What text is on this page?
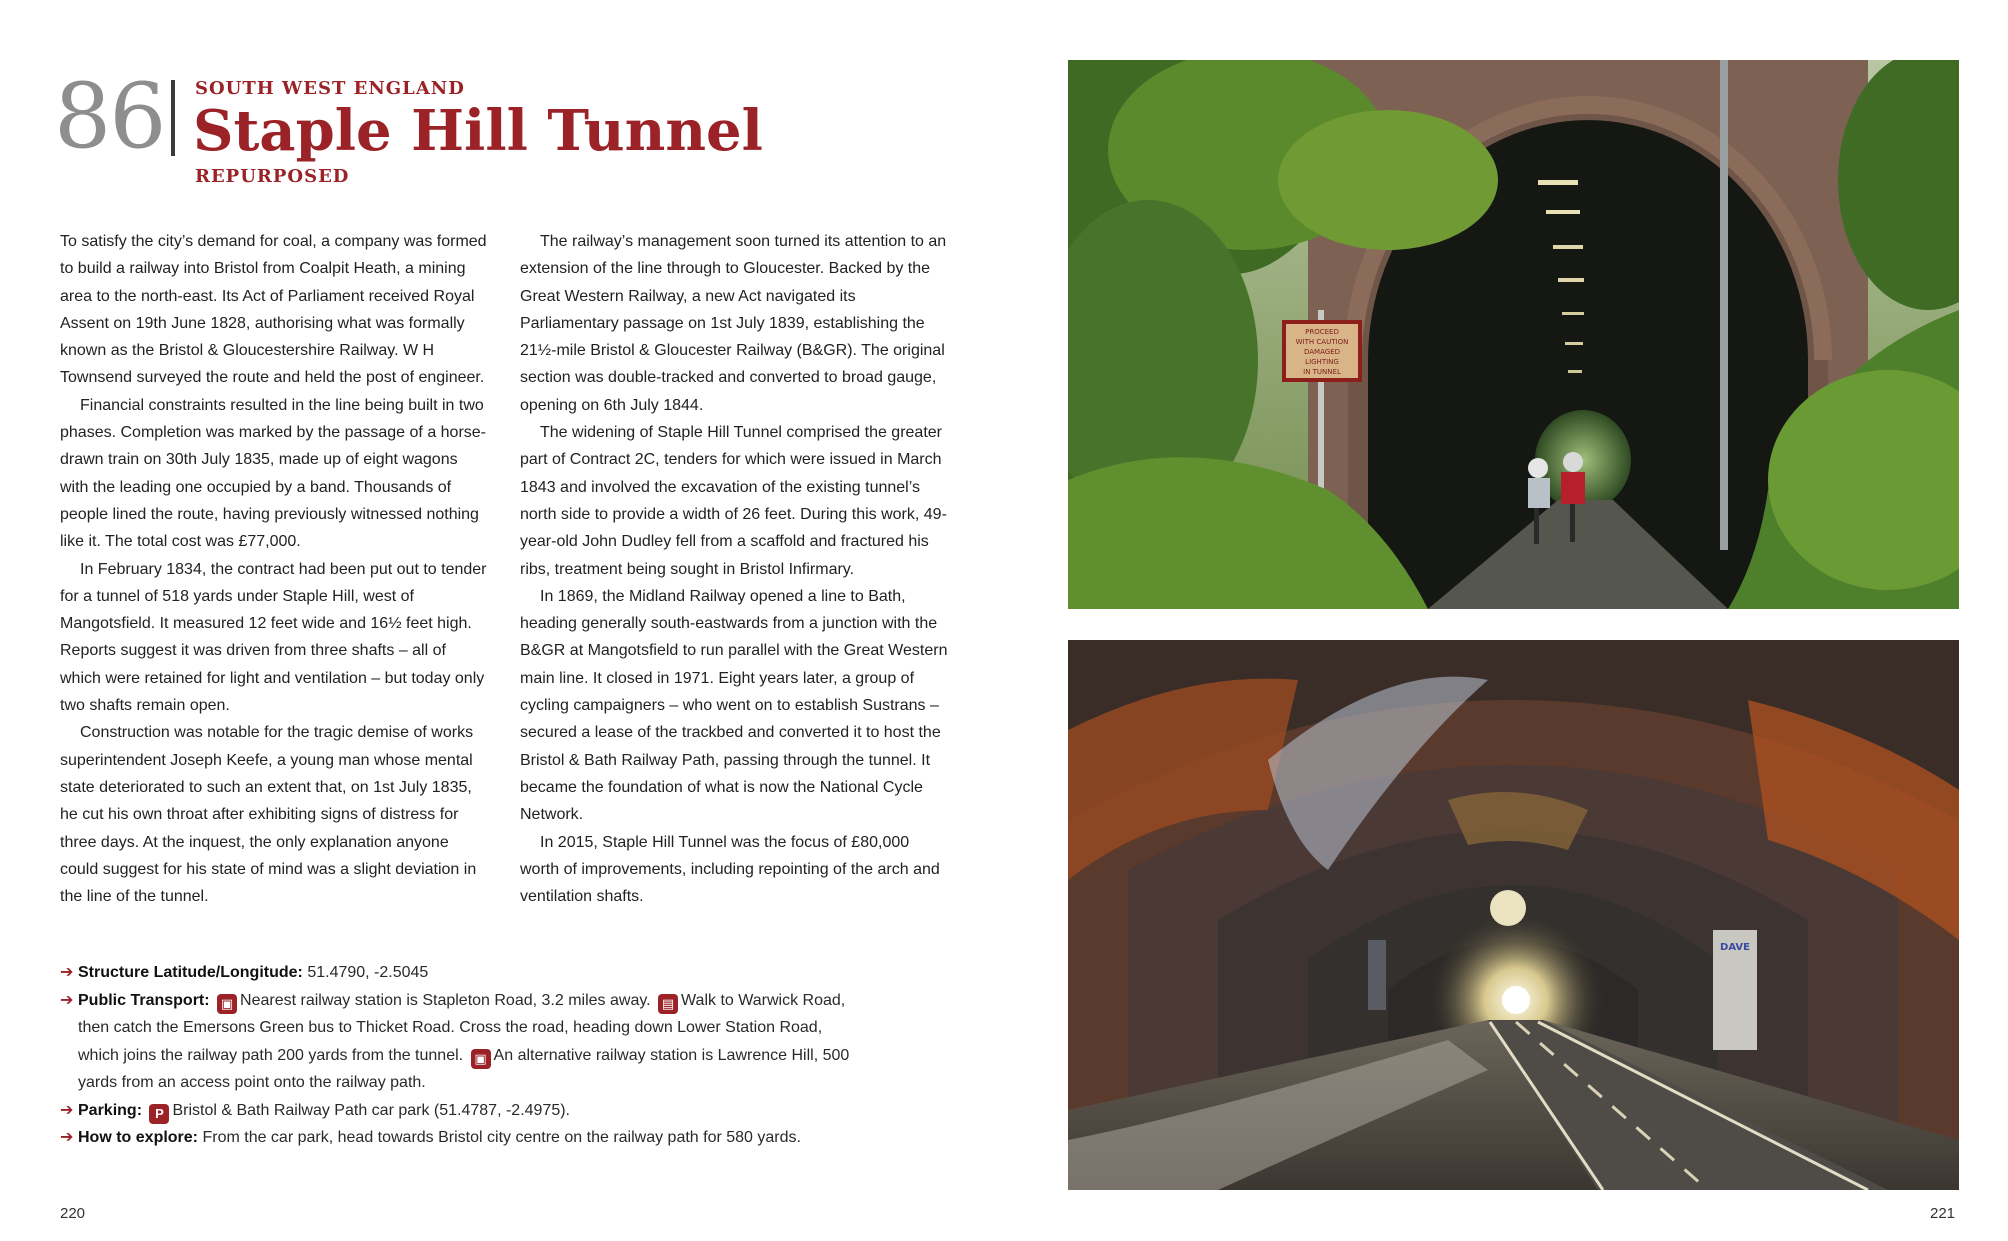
86 SOUTH WEST ENGLAND
Staple Hill Tunnel
REPURPOSED

To satisfy the city’s demand for coal, a company was formed to build a railway into Bristol from Coalpit Heath, a mining area to the north-east. Its Act of Parliament received Royal Assent on 19th June 1828, authorising what was formally known as the Bristol & Gloucestershire Railway. W H Townsend surveyed the route and held the post of engineer.

Financial constraints resulted in the line being built in two phases. Completion was marked by the passage of a horse-drawn train on 30th July 1835, made up of eight wagons with the leading one occupied by a band. Thousands of people lined the route, having previously witnessed nothing like it. The total cost was £77,000.

In February 1834, the contract had been put out to tender for a tunnel of 518 yards under Staple Hill, west of Mangotsfield. It measured 12 feet wide and 16½ feet high. Reports suggest it was driven from three shafts – all of which were retained for light and ventilation – but today only two shafts remain open.

Construction was notable for the tragic demise of works superintendent Joseph Keefe, a young man whose mental state deteriorated to such an extent that, on 1st July 1835, he cut his own throat after exhibiting signs of distress for three days. At the inquest, the only explanation anyone could suggest for his state of mind was a slight deviation in the line of the tunnel.

The railway’s management soon turned its attention to an extension of the line through to Gloucester. Backed by the Great Western Railway, a new Act navigated its Parliamentary passage on 1st July 1839, establishing the 21½-mile Bristol & Gloucester Railway (B&GR). The original section was double-tracked and converted to broad gauge, opening on 6th July 1844.

The widening of Staple Hill Tunnel comprised the greater part of Contract 2C, tenders for which were issued in March 1843 and involved the excavation of the existing tunnel’s north side to provide a width of 26 feet. During this work, 49-year-old John Dudley fell from a scaffold and fractured his ribs, treatment being sought in Bristol Infirmary.

In 1869, the Midland Railway opened a line to Bath, heading generally south-eastwards from a junction with the B&GR at Mangotsfield to run parallel with the Great Western main line. It closed in 1971. Eight years later, a group of cycling campaigners – who went on to establish Sustrans – secured a lease of the trackbed and converted it to host the Bristol & Bath Railway Path, passing through the tunnel. It became the foundation of what is now the National Cycle Network.

In 2015, Staple Hill Tunnel was the focus of £80,000 worth of improvements, including repointing of the arch and ventilation shafts.

➔ Structure Latitude/Longitude: 51.4790, -2.5045
➔ Public Transport: ▣ Nearest railway station is Stapleton Road, 3.2 miles away. ▤ Walk to Warwick Road, then catch the Emersons Green bus to Thicket Road. Cross the road, heading down Lower Station Road, which joins the railway path 200 yards from the tunnel. ▣ An alternative railway station is Lawrence Hill, 500 yards from an access point onto the railway path.
➔ Parking: P Bristol & Bath Railway Path car park (51.4787, -2.4975).
➔ How to explore: From the car park, head towards Bristol city centre on the railway path for 580 yards.
220	221
PROCEED
WITH CAUTION
DAMAGED
LIGHTING
IN TUNNEL
DAVE
